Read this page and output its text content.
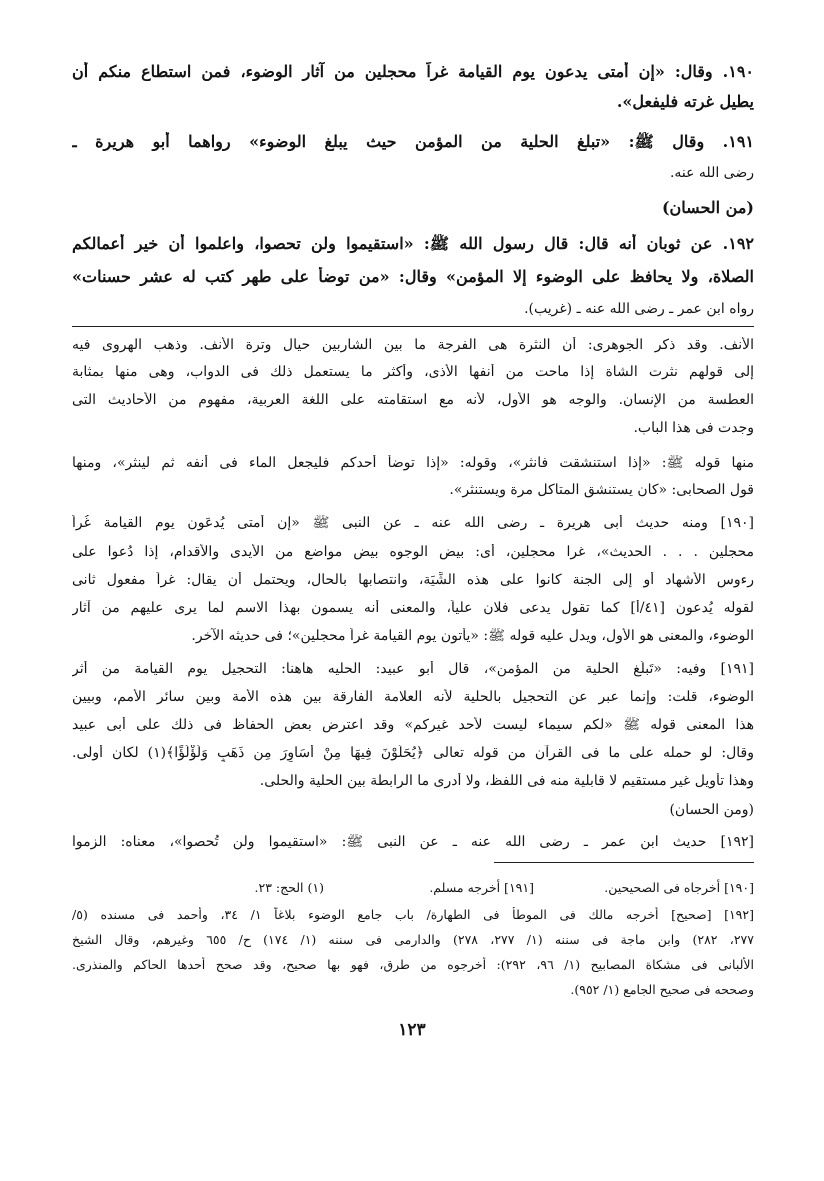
١٩٠. وقال: «إن أمتى يدعون يوم القيامة غراً محجلين من آثار الوضوء، فمن استطاع منكم أن
يطيل غرته فليفعل».
١٩١. وقال ﷺ: «تبلغ الحلية من المؤمن حيث يبلغ الوضوء» رواهما أبو هريرة ـ
رضى الله عنه.
(من الحسان)
١٩٢. عن ثوبان أنه قال: قال رسول الله ﷺ: «استقيموا ولن تحصوا، واعلموا أن خير أعمالكم
الصلاة، ولا يحافظ على الوضوء إلا المؤمن» وقال: «من توضأ على طهر كتب له عشر حسنات»
رواه ابن عمر ـ رضى الله عنه ـ (غريب).
الأنف. وقد ذكر الجوهرى: أن النثرة هى الفرجة ما بين الشاربين حيال وترة الأنف. وذهب الهروى فيه
إلى قولهم نثرت الشاة إذا ماحت من أنفها الأذى، وأكثر ما يستعمل ذلك فى الدواب، وهى منها بمثابة
العطسة من الإنسان. والوجه هو الأول، لأنه مع استقامته على اللغة العربية، مفهوم من الأحاديث التى
وجدت فى هذا الباب.
منها قوله ﷺ: «إذا استنشقت فانثر»، وقوله: «إذا توضأ أحدكم فليجعل الماء فى أنفه ثم لينثر»، ومنها
قول الصحابى: «كان يستنشق المتاكل مرة ويستنثر».
[١٩٠] ومنه حديث أبى هريرة ـ رضى الله عنه ـ عن النبى ﷺ «إن أمتى يُدعَون يوم القيامة غُراً
محجلين . . . الحديث»، غرا محجلين، أى: بيض الوجوه بيض مواضع من الأيدى والأقدام، إذا دُعوا على
رءوس الأشهاد أو إلى الجنة كانوا على هذه الشِّيَة، وانتصابها بالحال، ويحتمل أن يقال: غراً مفعول ثانى
لقوله يُدعون [٤١/أ] كما تقول يدعى فلان علياً، والمعنى أنه يسمون بهذا الاسم لما يرى عليهم من آثار
الوضوء، والمعنى هو الأول، ويدل عليه قوله ﷺ: «يأتون يوم القيامة غراً محجلين»؛ فى حديثه الآخر.
[١٩١] وفيه: «تَبلُغ الحلية من المؤمن»، قال أبو عبيد: الحليه هاهنا: التحجيل يوم القيامة من أثر
الوضوء، قلت: وإنما عبر عن التحجيل بالحلية لأنه العلامة الفارقة بين هذه الأمة وبين سائر الأمم، وبيين
هذا المعنى قوله ﷺ «لكم سيماء ليست لأحد غيركم» وقد اعترض بعض الحفاظ فى ذلك على أبى عبيد
وقال: لو حمله على ما فى القرآن من قوله تعالى ﴿يُحَلَّوْنَ فِيهَا مِنْ أَسَاوِرَ مِن ذَهَبٍ وَلُؤْلُؤًا﴾(١) لكان أولى.
وهذا تأويل غير مستقيم لا قابلية منه فى اللفظ، ولا أدرى ما الرابطة بين الحلية والحلى.
(ومن الحسان)
[١٩٢] حديث ابن عمر ـ رضى الله عنه ـ عن النبى ﷺ: «استقيموا ولن تُحصوا»، معناه: الزموا
[١٩٠] أخرجاه فى الصحيحين.
[١٩١] أخرجه مسلم.
(١) الحج: ٢٣.
[١٩٢] [صحيح] أخرجه مالك فى الموطأ فى الطهارة/ باب جامع الوضوء بلاغاً ١/ ٣٤، وأحمد فى مسنده (٥/
٢٧٧، ٢٨٢) وابن ماجة فى سننه (١/ ٢٧٧، ٢٧٨) والدارمى فى سننه (١/ ١٧٤) ح/ ٦٥٥ وغيرهم، وقال الشيخ
الألبانى فى مشكاة المصابيح (١/ ٩٦، ٢٩٢): أخرجوه من طرق، فهو بها صحيح، وقد صحح أحدها الحاكم والمنذرى.
وصححه فى صحيح الجامع (١/ ٩٥٢).
١٢٣
